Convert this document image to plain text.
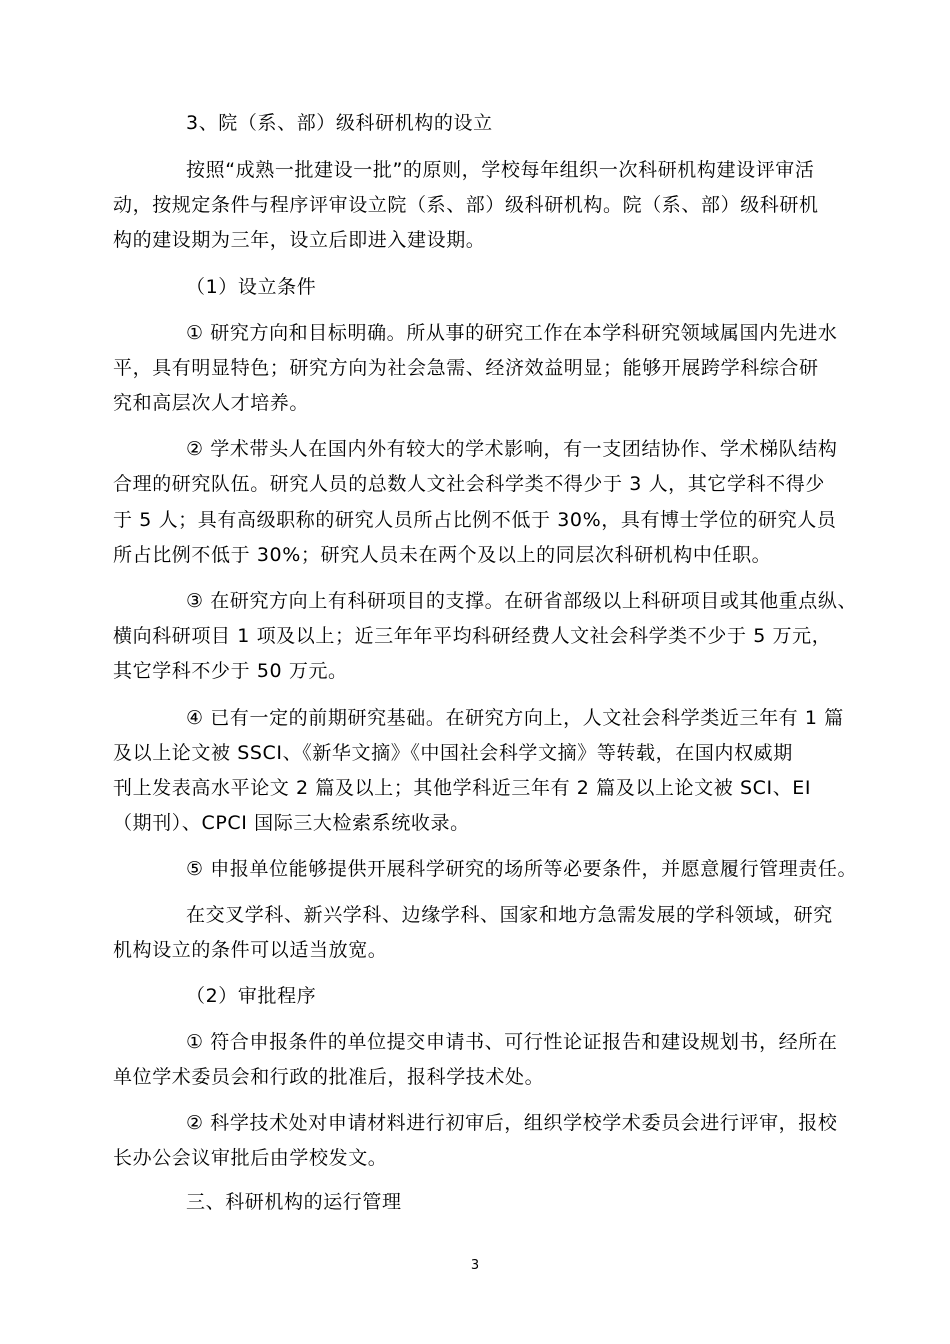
3、院（系、部）级科研机构的设立
按照“成熟一批建设一批”的原则，学校每年组织一次科研机构建设评审活
动，按规定条件与程序评审设立院（系、部）级科研机构。院（系、部）级科研机
构的建设期为三年，设立后即进入建设期。
（1）设立条件
① 研究方向和目标明确。所从事的研究工作在本学科研究领域属国内先进水
平，具有明显特色；研究方向为社会急需、经济效益明显；能够开展跨学科综合研
究和高层次人才培养。
② 学术带头人在国内外有较大的学术影响，有一支团结协作、学术梯队结构
合理的研究队伍。研究人员的总数人文社会科学类不得少于 3 人，其它学科不得少
于 5 人；具有高级职称的研究人员所占比例不低于 30%，具有博士学位的研究人员
所占比例不低于 30%；研究人员未在两个及以上的同层次科研机构中任职。
③ 在研究方向上有科研项目的支撑。在研省部级以上科研项目或其他重点纵、
横向科研项目 1 项及以上；近三年年平均科研经费人文社会科学类不少于 5 万元，
其它学科不少于 50 万元。
④ 已有一定的前期研究基础。在研究方向上，人文社会科学类近三年有 1 篇
及以上论文被 SSCI、《新华文摘》《中国社会科学文摘》等转载，在国内权威期
刊上发表高水平论文 2 篇及以上；其他学科近三年有 2 篇及以上论文被 SCI、EI
（期刊）、CPCI 国际三大检索系统收录。
⑤ 申报单位能够提供开展科学研究的场所等必要条件，并愿意履行管理责任。
在交叉学科、新兴学科、边缘学科、国家和地方急需发展的学科领域，研究
机构设立的条件可以适当放宽。
（2）审批程序
① 符合申报条件的单位提交申请书、可行性论证报告和建设规划书，经所在
单位学术委员会和行政的批准后，报科学技术处。
② 科学技术处对申请材料进行初审后，组织学校学术委员会进行评审，报校
长办公会议审批后由学校发文。
三、科研机构的运行管理
3
